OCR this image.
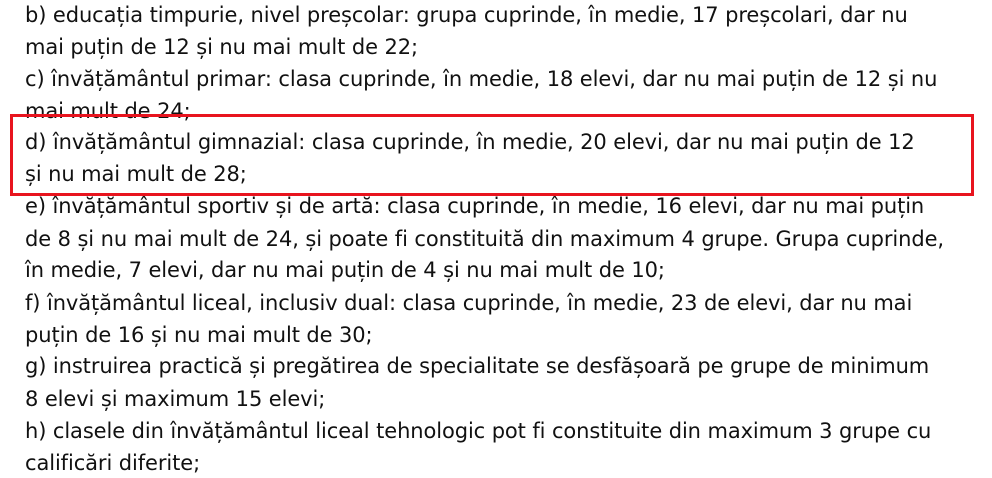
b) educația timpurie, nivel preșcolar: grupa cuprinde, în medie, 17 preșcolari, dar nu
mai puțin de 12 și nu mai mult de 22;
c) învățământul primar: clasa cuprinde, în medie, 18 elevi, dar nu mai puțin de 12 și nu
mai mult de 24;
d) învățământul gimnazial: clasa cuprinde, în medie, 20 elevi, dar nu mai puțin de 12
și nu mai mult de 28;
e) învățământul sportiv și de artă: clasa cuprinde, în medie, 16 elevi, dar nu mai puțin
de 8 și nu mai mult de 24, și poate fi constituită din maximum 4 grupe. Grupa cuprinde,
în medie, 7 elevi, dar nu mai puțin de 4 și nu mai mult de 10;
f) învățământul liceal, inclusiv dual: clasa cuprinde, în medie, 23 de elevi, dar nu mai
puțin de 16 și nu mai mult de 30;
g) instruirea practică și pregătirea de specialitate se desfășoară pe grupe de minimum
8 elevi și maximum 15 elevi;
h) clasele din învățământul liceal tehnologic pot fi constituite din maximum 3 grupe cu
calificări diferite;
